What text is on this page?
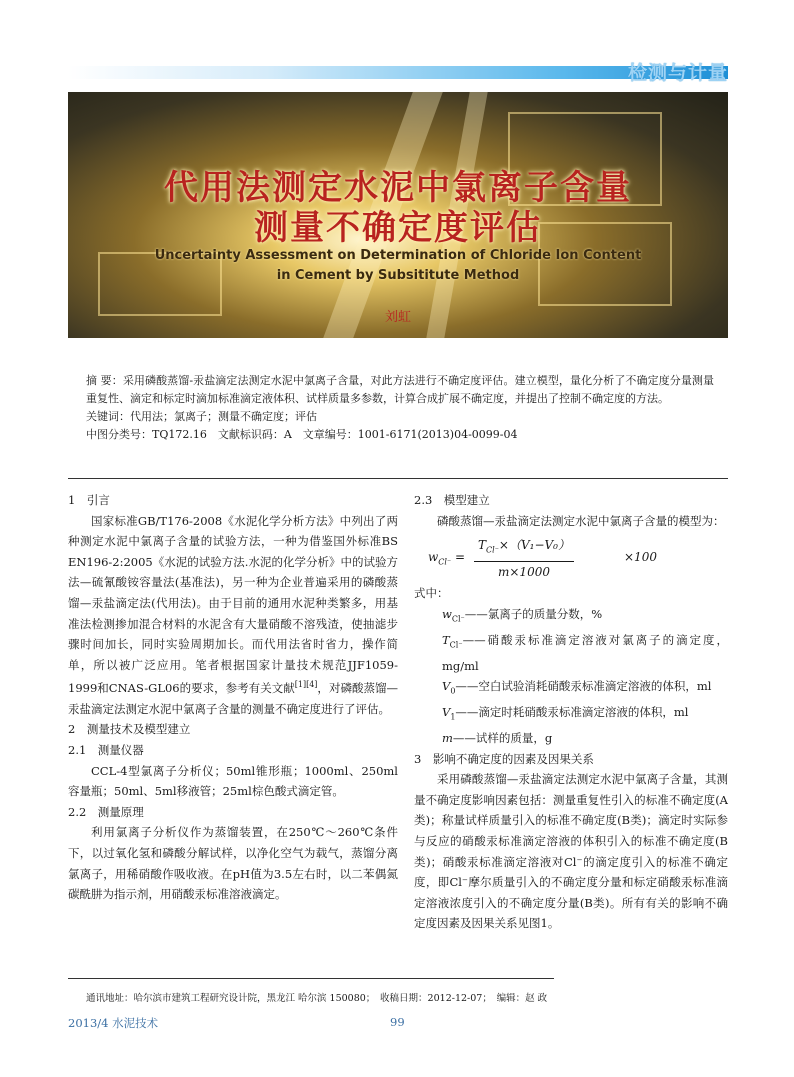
检测与计量
代用法测定水泥中氯离子含量
测量不确定度评估
Uncertainty Assessment on Determination of Chloride Ion Content
in Cement by Subsititute Method
刘虹

摘 要：采用磷酸蒸馏-汞盐滴定法测定水泥中氯离子含量，对此方法进行不确定度评估。建立模型，量化分析了不确定度分量测量重复性、滴定和标定时滴加标准滴定液体积、试样质量多参数，计算合成扩展不确定度，并提出了控制不确定度的方法。

关键词：代用法；氯离子；测量不确定度；评估

中图分类号：TQ172.16　文献标识码：A　文章编号：1001-6171(2013)04-0099-04

1　引言

国家标准GB/T176-2008《水泥化学分析方法》中列出了两种测定水泥中氯离子含量的试验方法，一种为借鉴国外标准BS EN196-2:2005《水泥的试验方法.水泥的化学分析》中的试验方法—硫氰酸铵容量法(基准法)，另一种为企业普遍采用的磷酸蒸馏—汞盐滴定法(代用法)。由于目前的通用水泥种类繁多，用基准法检测掺加混合材料的水泥含有大量硝酸不溶残渣，使抽滤步骤时间加长，同时实验周期加长。而代用法省时省力，操作简单，所以被广泛应用。笔者根据国家计量技术规范JJF1059-1999和CNAS-GL06的要求，参考有关文献[1][4]，对磷酸蒸馏—汞盐滴定法测定水泥中氯离子含量的测量不确定度进行了评估。

2　测量技术及模型建立

2.1　测量仪器

CCL-4型氯离子分析仪；50ml锥形瓶；1000ml、250ml容量瓶；50ml、5ml移液管；25ml棕色酸式滴定管。

2.2　测量原理

利用氯离子分析仪作为蒸馏装置，在250℃～260℃条件下，以过氧化氢和磷酸分解试样，以净化空气为载气，蒸馏分离氯离子，用稀硝酸作吸收液。在pH值为3.5左右时，以二苯偶氮碳酰肼为指示剂，用硝酸汞标准溶液滴定。

2.3　模型建立

磷酸蒸馏—汞盐滴定法测定水泥中氯离子含量的模型为：

$w_{Cl^-}$ =
$T_{Cl^-}\times(V_1-V_0)$
m×1000
×100

式中：

$w_{Cl^-}——$氯离子的质量分数，%

$T_{Cl^-}——$硝酸汞标准滴定溶液对氯离子的滴定度，mg/ml

$V_0——$空白试验消耗硝酸汞标准滴定溶液的体积，ml

$V_1——$滴定时耗硝酸汞标准滴定溶液的体积，ml

m——试样的质量，g

3　影响不确定度的因素及因果关系

采用磷酸蒸馏—汞盐滴定法测定水泥中氯离子含量，其测量不确定度影响因素包括：测量重复性引入的标准不确定度(A类)；称量试样质量引入的标准不确定度(B类)；滴定时实际参与反应的硝酸汞标准滴定溶液的体积引入的标准不确定度(B类)；硝酸汞标准滴定溶液对Cl⁻的滴定度引入的标准不确定度，即Cl⁻摩尔质量引入的不确定度分量和标定硝酸汞标准滴定溶液浓度引入的不确定度分量(B类)。所有有关的影响不确定度因素及因果关系见图1。

通讯地址：哈尔滨市建筑工程研究设计院，黑龙江 哈尔滨 150080；　收稿日期：2012-12-07；　编辑：赵 政
2013/4 水泥技术	99
